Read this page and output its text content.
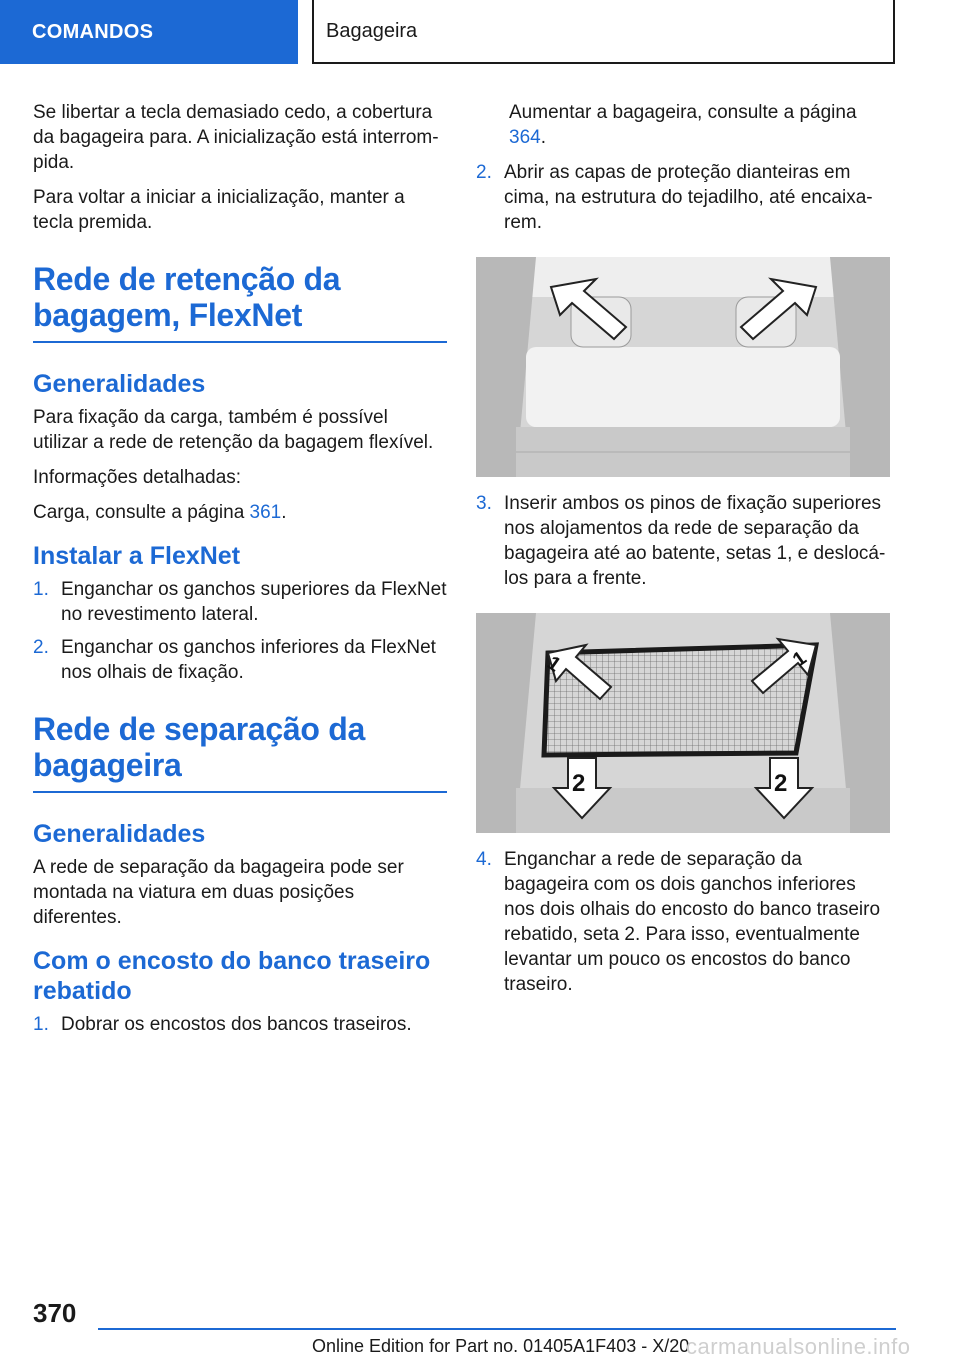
COMANDOS	Bagageira

Se libertar a tecla demasiado cedo, a cobertura da bagageira para. A inicialização está interrompida.

Para voltar a iniciar a inicialização, manter a tecla premida.

Rede de retenção da bagagem, FlexNet
Generalidades

Para fixação da carga, também é possível utilizar a rede de retenção da bagagem flexível.

Informações detalhadas:

Carga, consulte a página 361.

Instalar a FlexNet
1. Enganchar os ganchos superiores da FlexNet no revestimento lateral.
2. Enganchar os ganchos inferiores da FlexNet nos olhais de fixação.
Rede de separação da bagageira
Generalidades

A rede de separação da bagageira pode ser montada na viatura em duas posições diferentes.

Com o encosto do banco traseiro rebatido
1. Dobrar os encostos dos bancos traseiros.

Aumentar a bagageira, consulte a página 364.

2. Abrir as capas de proteção dianteiras em cima, na estrutura do tejadilho, até encaixarem.
3. Inserir ambos os pinos de fixação superiores nos alojamentos da rede de separação da bagageira até ao batente, setas 1, e deslocá-los para a frente.
1	1
2	2
4. Enganchar a rede de separação da bagageira com os dois ganchos inferiores nos dois olhais do encosto do banco traseiro rebatido, seta 2. Para isso, eventualmente levantar um pouco os encostos do banco traseiro.
370
Online Edition for Part no. 01405A1F403 - X/20
carmanualsonline.info
